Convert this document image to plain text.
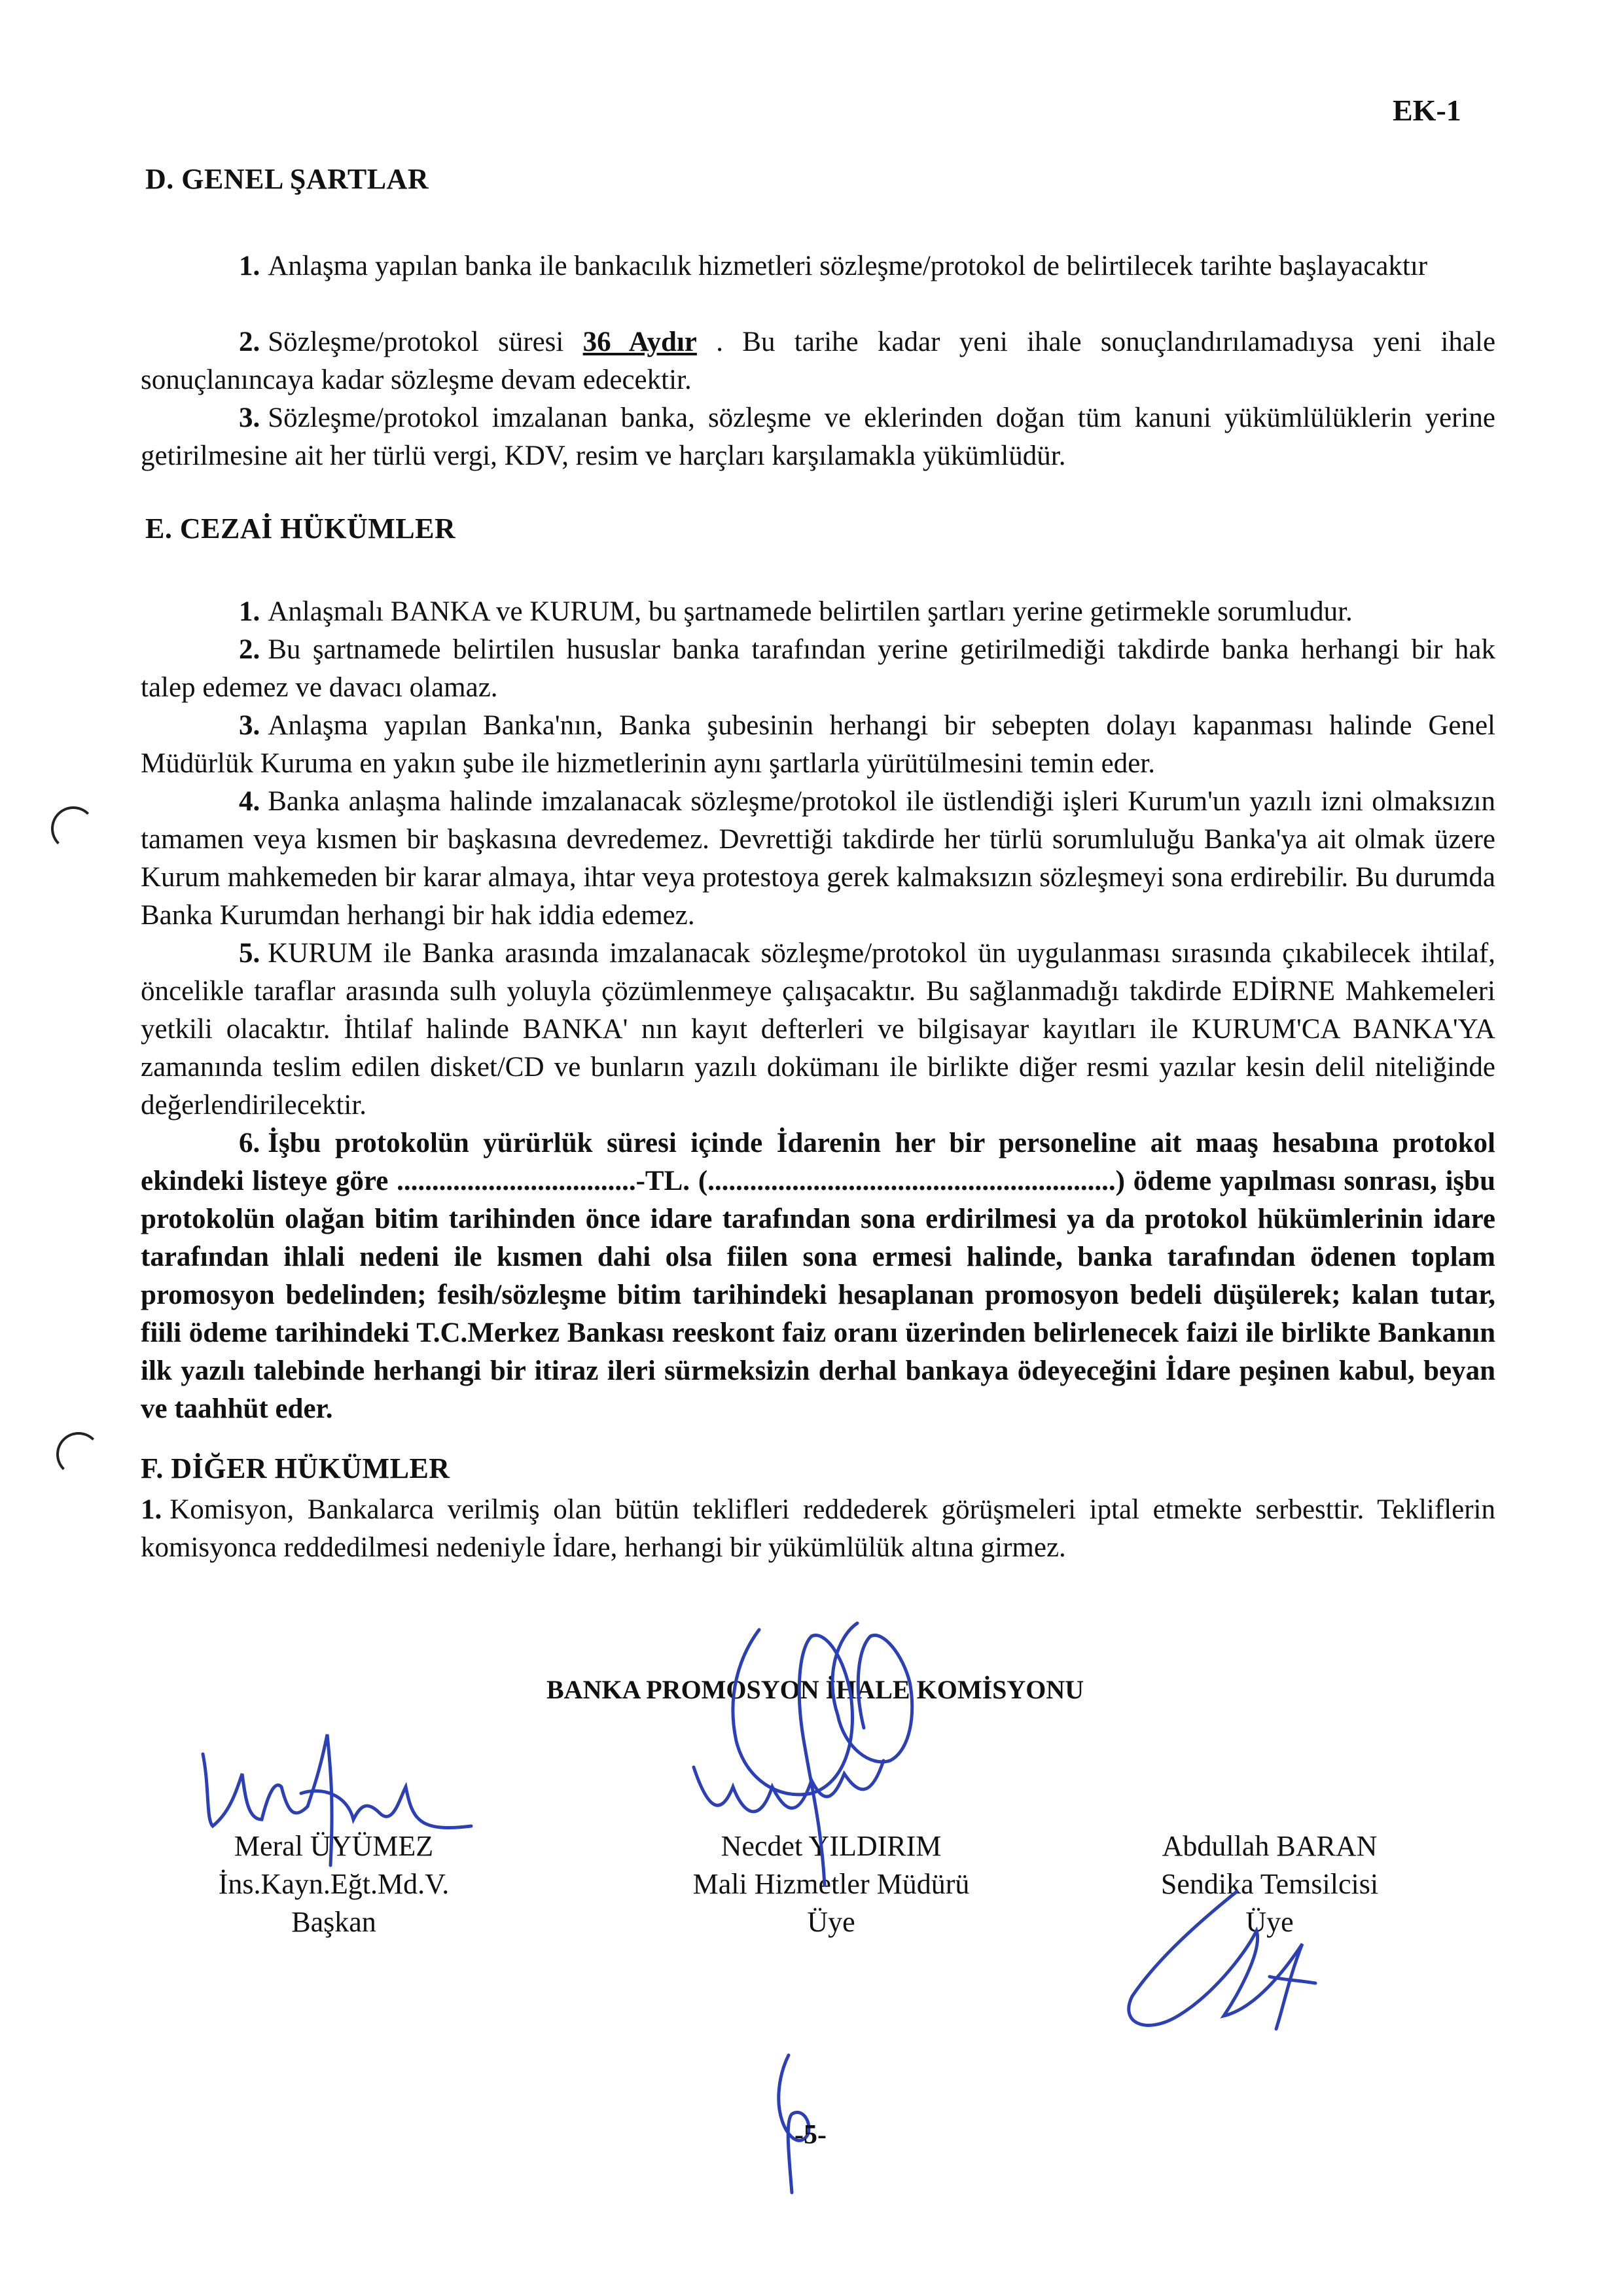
EK-1
D. GENEL ŞARTLAR
1. Anlaşma yapılan banka ile bankacılık hizmetleri sözleşme/protokol de belirtilecek tarihte başlayacaktır
2. Sözleşme/protokol süresi 36 Aydır . Bu tarihe kadar yeni ihale sonuçlandırılamadıysa yeni ihale sonuçlanıncaya kadar sözleşme devam edecektir.
3. Sözleşme/protokol imzalanan banka, sözleşme ve eklerinden doğan tüm kanuni yükümlülüklerin yerine getirilmesine ait her türlü vergi, KDV, resim ve harçları karşılamakla yükümlüdür.
E. CEZAİ HÜKÜMLER
1. Anlaşmalı BANKA ve KURUM, bu şartnamede belirtilen şartları yerine getirmekle sorumludur.
2. Bu şartnamede belirtilen hususlar banka tarafından yerine getirilmediği takdirde banka herhangi bir hak talep edemez ve davacı olamaz.
3. Anlaşma yapılan Banka'nın, Banka şubesinin herhangi bir sebepten dolayı kapanması halinde Genel Müdürlük Kuruma en yakın şube ile hizmetlerinin aynı şartlarla yürütülmesini temin eder.
4. Banka anlaşma halinde imzalanacak sözleşme/protokol ile üstlendiği işleri Kurum'un yazılı izni olmaksızın tamamen veya kısmen bir başkasına devredemez. Devrettiği takdirde her türlü sorumluluğu Banka'ya ait olmak üzere Kurum mahkemeden bir karar almaya, ihtar veya protestoya gerek kalmaksızın sözleşmeyi sona erdirebilir. Bu durumda Banka Kurumdan herhangi bir hak iddia edemez.
5. KURUM ile Banka arasında imzalanacak sözleşme/protokol ün uygulanması sırasında çıkabilecek ihtilaf, öncelikle taraflar arasında sulh yoluyla çözümlenmeye çalışacaktır. Bu sağlanmadığı takdirde EDİRNE Mahkemeleri yetkili olacaktır. İhtilaf halinde BANKA' nın kayıt defterleri ve bilgisayar kayıtları ile KURUM'CA BANKA'YA zamanında teslim edilen disket/CD ve bunların yazılı dokümanı ile birlikte diğer resmi yazılar kesin delil niteliğinde değerlendirilecektir.
6. İşbu protokolün yürürlük süresi içinde İdarenin her bir personeline ait maaş hesabına protokol ekindeki listeye göre ..................................-TL. (..........................................................) ödeme yapılması sonrası, işbu protokolün olağan bitim tarihinden önce idare tarafından sona erdirilmesi ya da protokol hükümlerinin idare tarafından ihlali nedeni ile kısmen dahi olsa fiilen sona ermesi halinde, banka tarafından ödenen toplam promosyon bedelinden; fesih/sözleşme bitim tarihindeki hesaplanan promosyon bedeli düşülerek; kalan tutar, fiili ödeme tarihindeki T.C.Merkez Bankası reeskont faiz oranı üzerinden belirlenecek faizi ile birlikte Bankanın ilk yazılı talebinde herhangi bir itiraz ileri sürmeksizin derhal bankaya ödeyeceğini İdare peşinen kabul, beyan ve taahhüt eder.
F. DİĞER HÜKÜMLER
1. Komisyon, Bankalarca verilmiş olan bütün teklifleri reddederek görüşmeleri iptal etmekte serbesttir. Tekliflerin komisyonca reddedilmesi nedeniyle İdare, herhangi bir yükümlülük altına girmez.
BANKA PROMOSYON İHALE KOMİSYONU
Meral ÜYÜMEZ
İns.Kayn.Eğt.Md.V.
Başkan
Necdet YILDIRIM
Mali Hizmetler Müdürü
Üye
Abdullah BARAN
Sendika Temsilcisi
Üye
-5-
